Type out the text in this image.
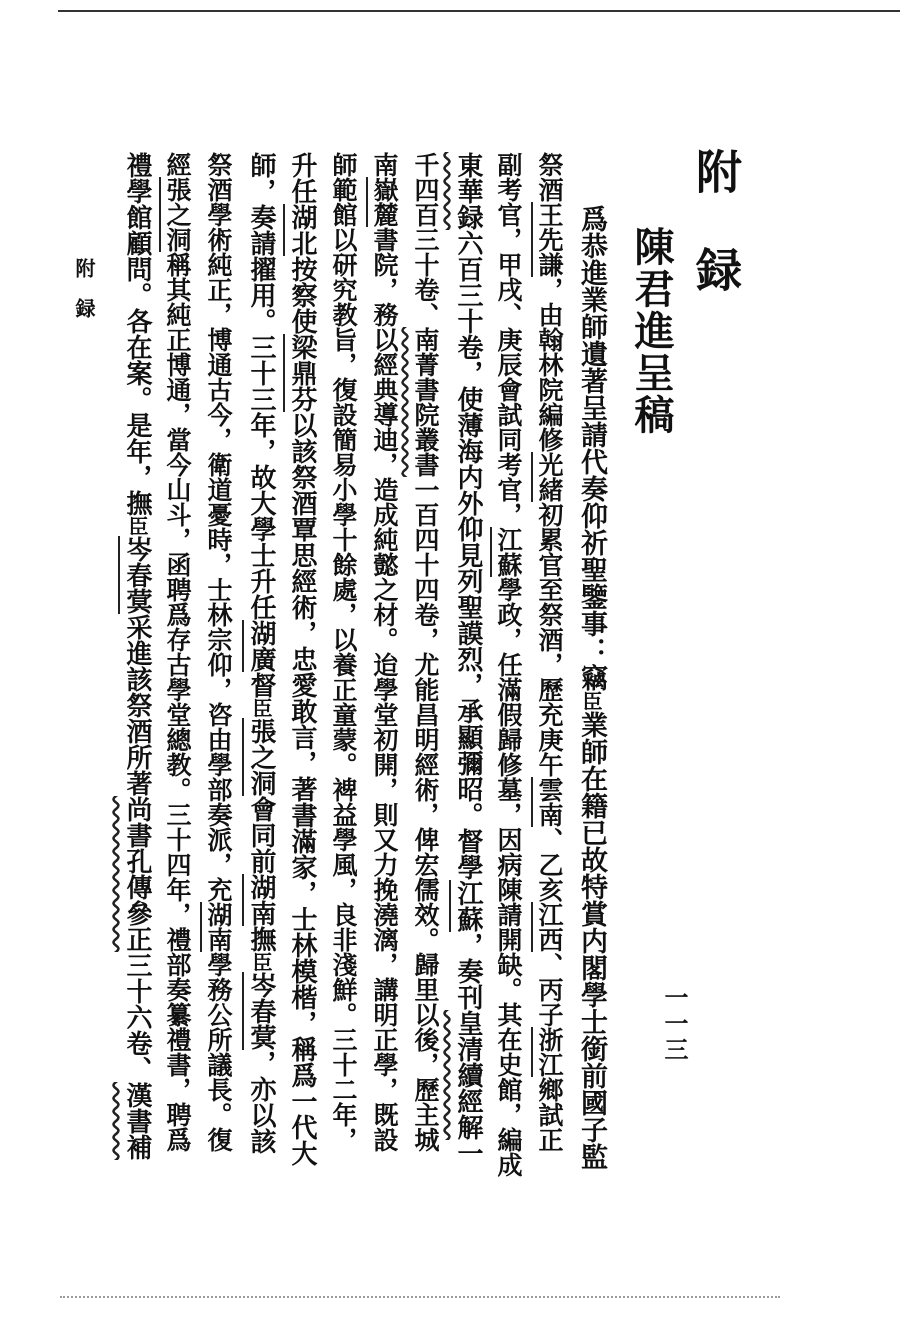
附録
陳君進呈稿
附　録
一一三
爲恭進業師遺著呈請代奏仰祈聖鑒事：竊臣業師在籍已故特賞内閣學士銜前國子監
祭酒王先謙，由翰林院編修光緒初累官至祭酒，歷充庚午雲南、乙亥江西、丙子浙江鄉試正
副考官，甲戌、庚辰會試同考官，江蘇學政，任滿假歸修墓，因病陳請開缺。其在史館，編成
東華録六百三十卷，使薄海内外仰見列聖謨烈，承顯彌昭。督學江蘇，奏刊皇清續經解一
千四百三十卷、南菁書院叢書一百四十四卷，尤能昌明經術，俾宏儒效。歸里以後，歷主城
南嶽麓書院，務以經典導迪，造成純懿之材。迨學堂初開，則又力挽澆漓，講明正學，既設
師範館以研究教旨，復設簡易小學十餘處，以養正童蒙。裨益學風，良非淺鮮。三十二年，
升任湖北按察使梁鼎芬以該祭酒覃思經術，忠愛敢言，著書滿家，士林模楷，稱爲一代大
師，奏請擢用。三十三年，故大學士升任湖廣督臣張之洞會同前湖南撫臣岑春蓂，亦以該
祭酒學術純正，博通古今，衛道憂時，士林宗仰，咨由學部奏派，充湖南學務公所議長。復
經張之洞稱其純正博通，當今山斗，函聘爲存古學堂總教。三十四年，禮部奏纂禮書，聘爲
禮學館顧問。各在案。是年，撫臣岑春蓂采進該祭酒所著尚書孔傳參正三十六卷、漢書補
